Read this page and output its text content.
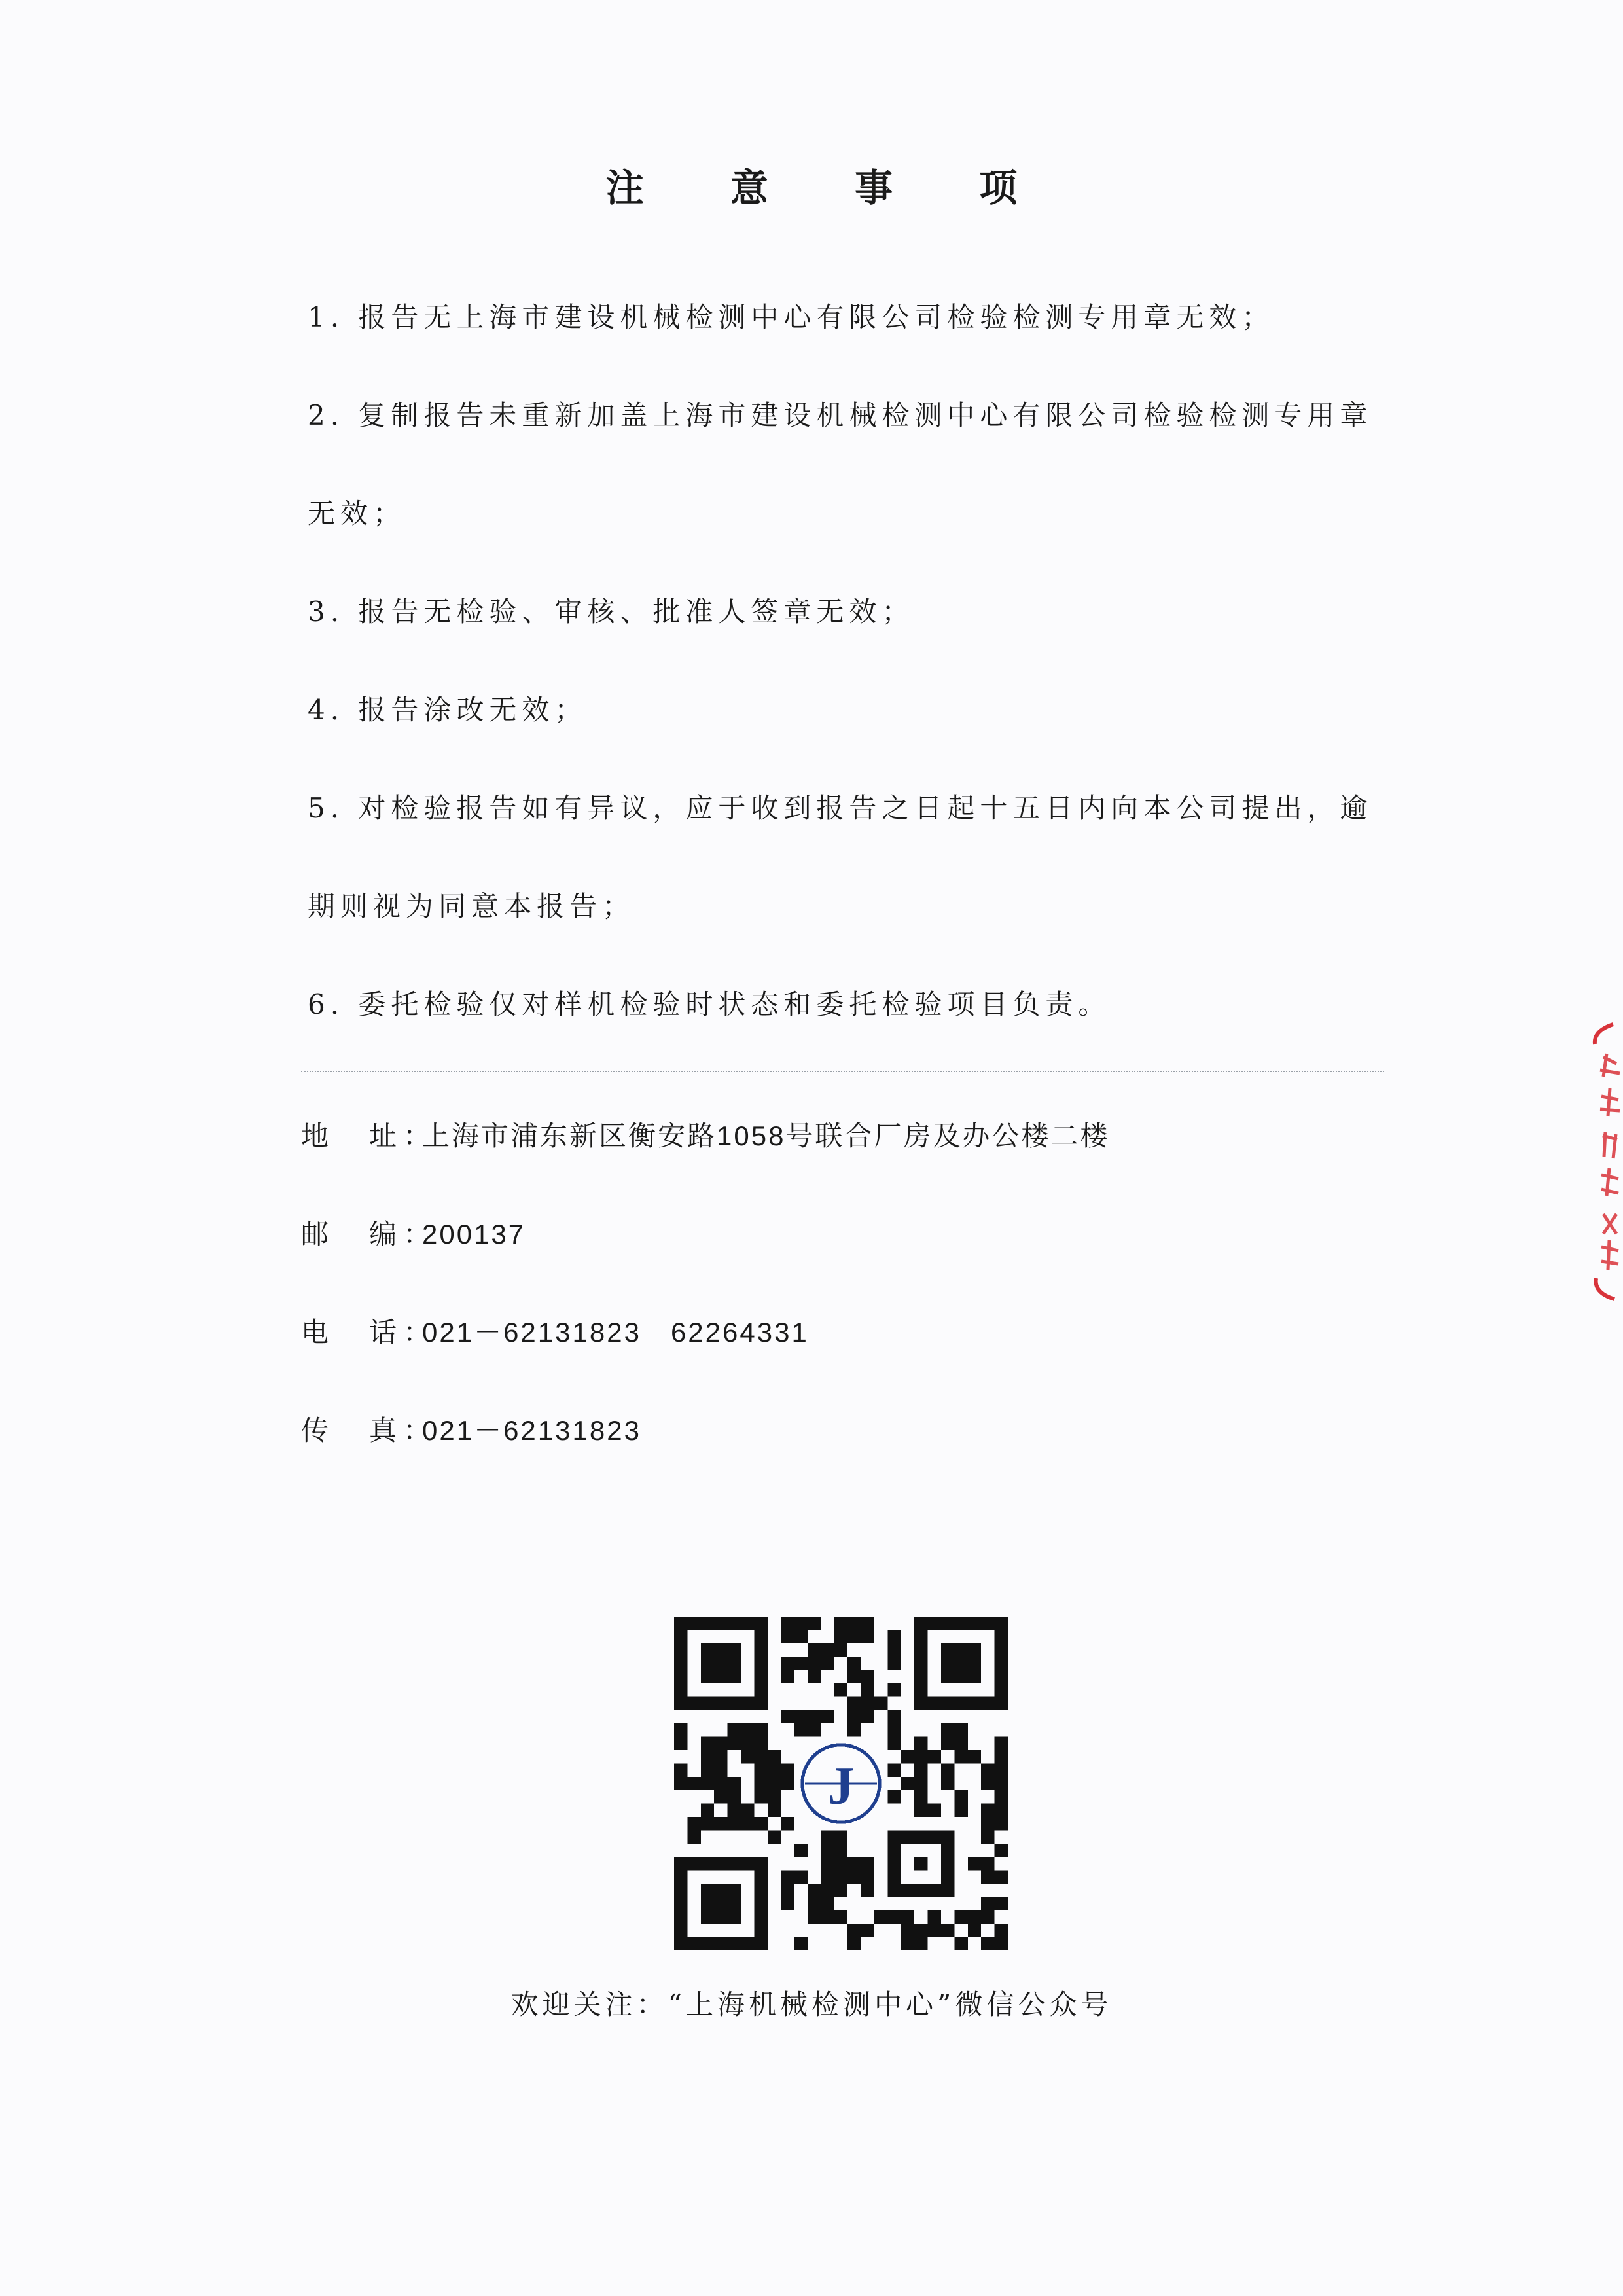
注 意 事 项
1. 报告无上海市建设机械检测中心有限公司检验检测专用章无效；
2. 复制报告未重新加盖上海市建设机械检测中心有限公司检验检测专用章
无效；
3. 报告无检验、审核、批准人签章无效；
4. 报告涂改无效；
5. 对检验报告如有异议，应于收到报告之日起十五日内向本公司提出，逾
期则视为同意本报告；
6. 委托检验仅对样机检验时状态和委托检验项目负责。
地　址：上海市浦东新区衡安路1058号联合厂房及办公楼二楼
邮　编：200137
电　话：021－62131823　62264331
传　真：021－62131823
J
欢迎关注：“上海机械检测中心”微信公众号
